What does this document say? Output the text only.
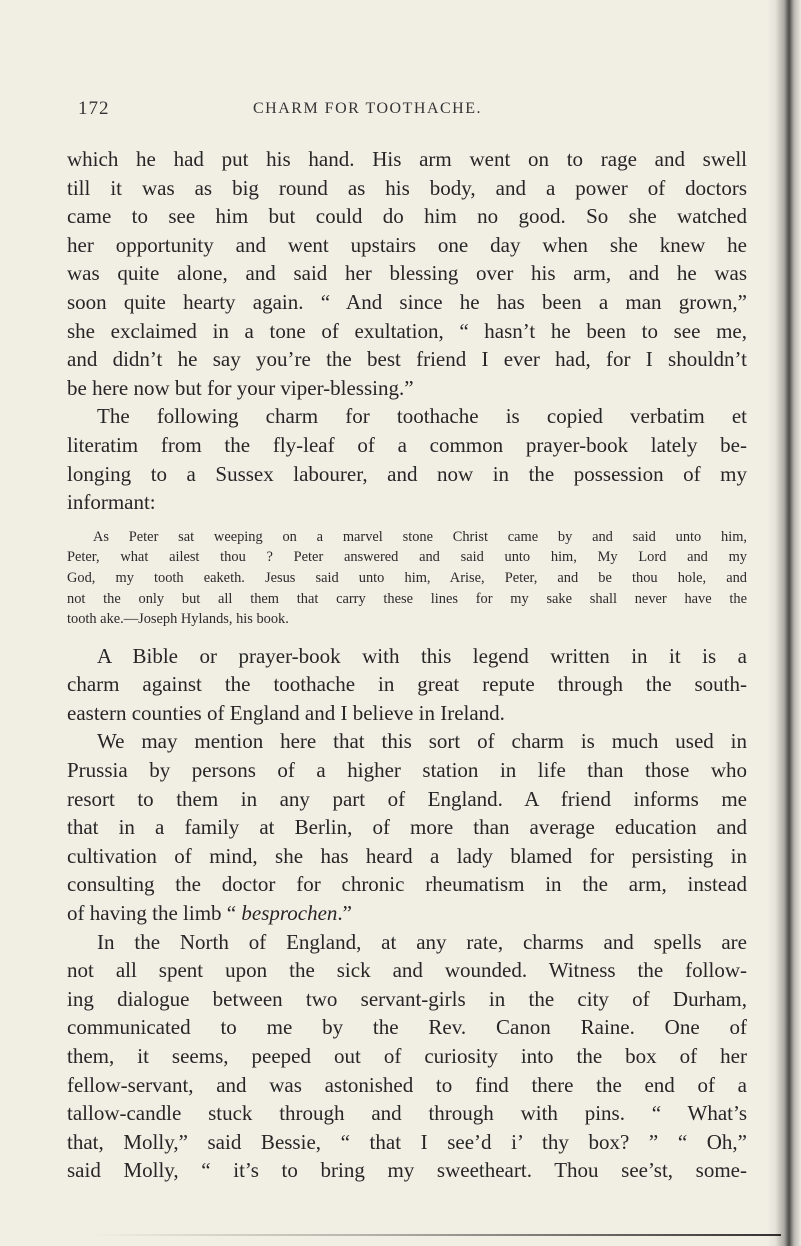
172	CHARM FOR TOOTHACHE.

which he had put his hand. His arm went on to rage and swell
till it was as big round as his body, and a power of doctors
came to see him but could do him no good. So she watched
her opportunity and went upstairs one day when she knew he
was quite alone, and said her blessing over his arm, and he was
soon quite hearty again. “ And since he has been a man grown,”
she exclaimed in a tone of exultation, “ hasn’t he been to see me,
and didn’t he say you’re the best friend I ever had, for I shouldn’t
be here now but for your viper-blessing.”

The following charm for toothache is copied verbatim et
literatim from the fly-leaf of a common prayer-book lately be-
longing to a Sussex labourer, and now in the possession of my
informant:

As Peter sat weeping on a marvel stone Christ came by and said unto him,
Peter, what ailest thou ? Peter answered and said unto him, My Lord and my
God, my tooth eaketh. Jesus said unto him, Arise, Peter, and be thou hole, and
not the only but all them that carry these lines for my sake shall never have the
tooth ake.—Joseph Hylands, his book.

A Bible or prayer-book with this legend written in it is a
charm against the toothache in great repute through the south-
eastern counties of England and I believe in Ireland.

We may mention here that this sort of charm is much used in
Prussia by persons of a higher station in life than those who
resort to them in any part of England. A friend informs me
that in a family at Berlin, of more than average education and
cultivation of mind, she has heard a lady blamed for persisting in
consulting the doctor for chronic rheumatism in the arm, instead
of having the limb “ besprochen.”

In the North of England, at any rate, charms and spells are
not all spent upon the sick and wounded. Witness the follow-
ing dialogue between two servant-girls in the city of Durham,
communicated to me by the Rev. Canon Raine. One of
them, it seems, peeped out of curiosity into the box of her
fellow-servant, and was astonished to find there the end of a
tallow-candle stuck through and through with pins. “ What’s
that, Molly,” said Bessie, “ that I see’d i’ thy box? ” “ Oh,”
said Molly, “ it’s to bring my sweetheart. Thou see’st, some-
